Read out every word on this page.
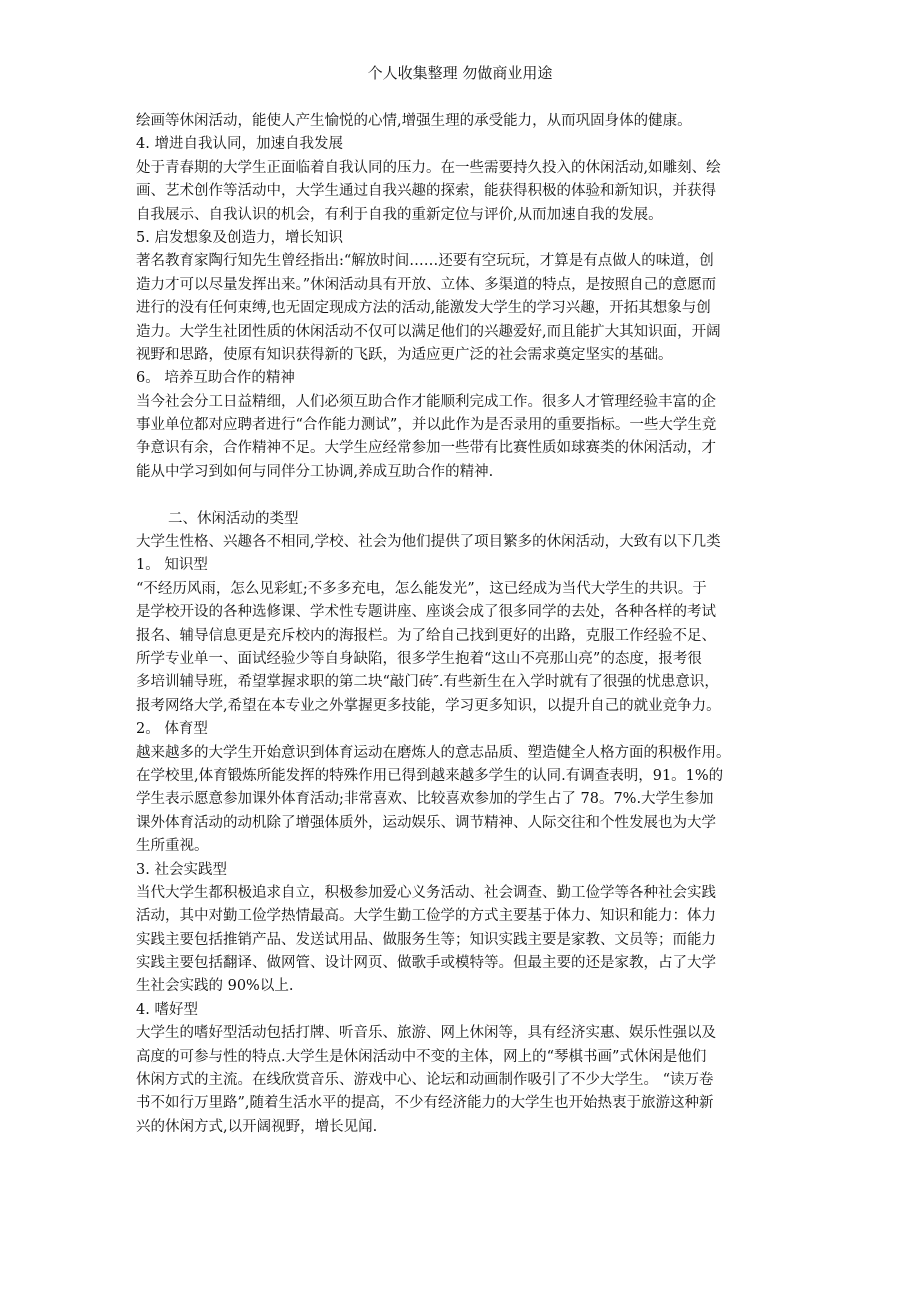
个人收集整理 勿做商业用途
绘画等休闲活动，能使人产生愉悦的心情,增强生理的承受能力，从而巩固身体的健康。
4. 增进自我认同，加速自我发展
处于青春期的大学生正面临着自我认同的压力。在一些需要持久投入的休闲活动,如雕刻、绘
画、艺术创作等活动中，大学生通过自我兴趣的探索，能获得积极的体验和新知识，并获得
自我展示、自我认识的机会，有利于自我的重新定位与评价,从而加速自我的发展。
5. 启发想象及创造力，增长知识
著名教育家陶行知先生曾经指出:“解放时间……还要有空玩玩，才算是有点做人的味道，创
造力才可以尽量发挥出来。”休闲活动具有开放、立体、多渠道的特点，是按照自己的意愿而
进行的没有任何束缚,也无固定现成方法的活动,能激发大学生的学习兴趣，开拓其想象与创
造力。大学生社团性质的休闲活动不仅可以满足他们的兴趣爱好,而且能扩大其知识面，开阔
视野和思路，使原有知识获得新的飞跃，为适应更广泛的社会需求奠定坚实的基础。
6。 培养互助合作的精神
当今社会分工日益精细，人们必须互助合作才能顺利完成工作。很多人才管理经验丰富的企
事业单位都对应聘者进行“合作能力测试”，并以此作为是否录用的重要指标。一些大学生竞
争意识有余，合作精神不足。大学生应经常参加一些带有比赛性质如球赛类的休闲活动，才
能从中学习到如何与同伴分工协调,养成互助合作的精神.
二、休闲活动的类型
大学生性格、兴趣各不相同,学校、社会为他们提供了项目繁多的休闲活动，大致有以下几类
1。 知识型
“不经历风雨，怎么见彩虹;不多多充电，怎么能发光”，这已经成为当代大学生的共识。于
是学校开设的各种选修课、学术性专题讲座、座谈会成了很多同学的去处，各种各样的考试
报名、辅导信息更是充斥校内的海报栏。为了给自己找到更好的出路，克服工作经验不足、
所学专业单一、面试经验少等自身缺陷，很多学生抱着“这山不亮那山亮”的态度，报考很
多培训辅导班，希望掌握求职的第二块“敲门砖″.有些新生在入学时就有了很强的忧患意识，
报考网络大学,希望在本专业之外掌握更多技能，学习更多知识，以提升自己的就业竞争力。
2。 体育型
越来越多的大学生开始意识到体育运动在磨炼人的意志品质、塑造健全人格方面的积极作用。
在学校里,体育锻炼所能发挥的特殊作用已得到越来越多学生的认同.有调查表明，91。1%的
学生表示愿意参加课外体育活动;非常喜欢、比较喜欢参加的学生占了 78。7%.大学生参加
课外体育活动的动机除了增强体质外，运动娱乐、调节精神、人际交往和个性发展也为大学
生所重视。
3. 社会实践型
当代大学生都积极追求自立，积极参加爱心义务活动、社会调查、勤工俭学等各种社会实践
活动，其中对勤工俭学热情最高。大学生勤工俭学的方式主要基于体力、知识和能力：体力
实践主要包括推销产品、发送试用品、做服务生等；知识实践主要是家教、文员等；而能力
实践主要包括翻译、做网管、设计网页、做歌手或模特等。但最主要的还是家教，占了大学
生社会实践的 90%以上.
4. 嗜好型
大学生的嗜好型活动包括打牌、听音乐、旅游、网上休闲等，具有经济实惠、娱乐性强以及
高度的可参与性的特点.大学生是休闲活动中不变的主体，网上的“琴棋书画”式休闲是他们
休闲方式的主流。在线欣赏音乐、游戏中心、论坛和动画制作吸引了不少大学生。 “读万卷
书不如行万里路”,随着生活水平的提高，不少有经济能力的大学生也开始热衷于旅游这种新
兴的休闲方式,以开阔视野，增长见闻.
